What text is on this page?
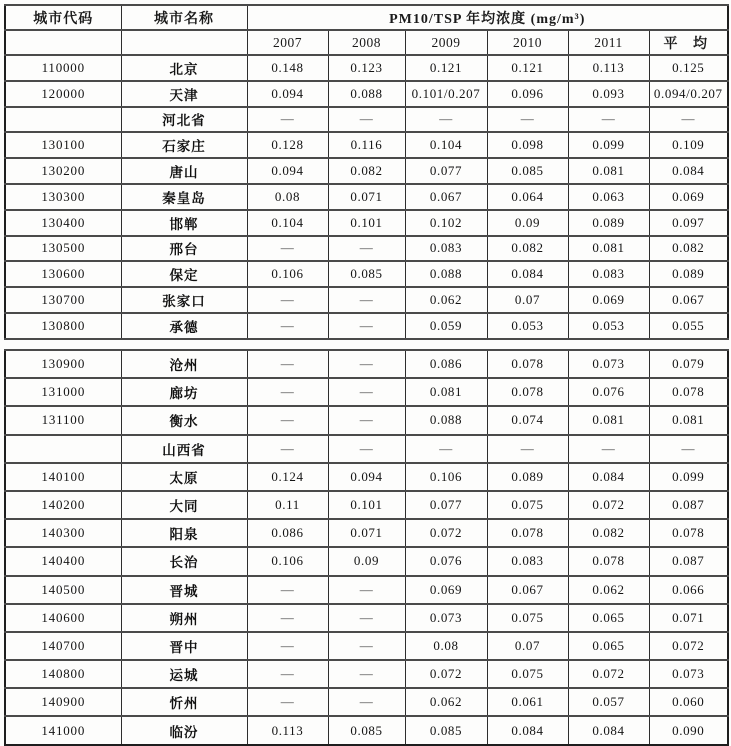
城市代码	城市名称	PM10/TSP 年均浓度 (mg/m³)					
		2007	2008	2009	2010	2011	平 均
110000	北京	0.148	0.123	0.121	0.121	0.113	0.125
120000	天津	0.094	0.088	0.101/0.207	0.096	0.093	0.094/0.207
	河北省	—	—	—	—	—	—
130100	石家庄	0.128	0.116	0.104	0.098	0.099	0.109
130200	唐山	0.094	0.082	0.077	0.085	0.081	0.084
130300	秦皇岛	0.08	0.071	0.067	0.064	0.063	0.069
130400	邯郸	0.104	0.101	0.102	0.09	0.089	0.097
130500	邢台	—	—	0.083	0.082	0.081	0.082
130600	保定	0.106	0.085	0.088	0.084	0.083	0.089
130700	张家口	—	—	0.062	0.07	0.069	0.067
130800	承德	—	—	0.059	0.053	0.053	0.055
130900	沧州	—	—	0.086	0.078	0.073	0.079
131000	廊坊	—	—	0.081	0.078	0.076	0.078
131100	衡水	—	—	0.088	0.074	0.081	0.081
	山西省	—	—	—	—	—	—
140100	太原	0.124	0.094	0.106	0.089	0.084	0.099
140200	大同	0.11	0.101	0.077	0.075	0.072	0.087
140300	阳泉	0.086	0.071	0.072	0.078	0.082	0.078
140400	长治	0.106	0.09	0.076	0.083	0.078	0.087
140500	晋城	—	—	0.069	0.067	0.062	0.066
140600	朔州	—	—	0.073	0.075	0.065	0.071
140700	晋中	—	—	0.08	0.07	0.065	0.072
140800	运城	—	—	0.072	0.075	0.072	0.073
140900	忻州	—	—	0.062	0.061	0.057	0.060
141000	临汾	0.113	0.085	0.085	0.084	0.084	0.090
